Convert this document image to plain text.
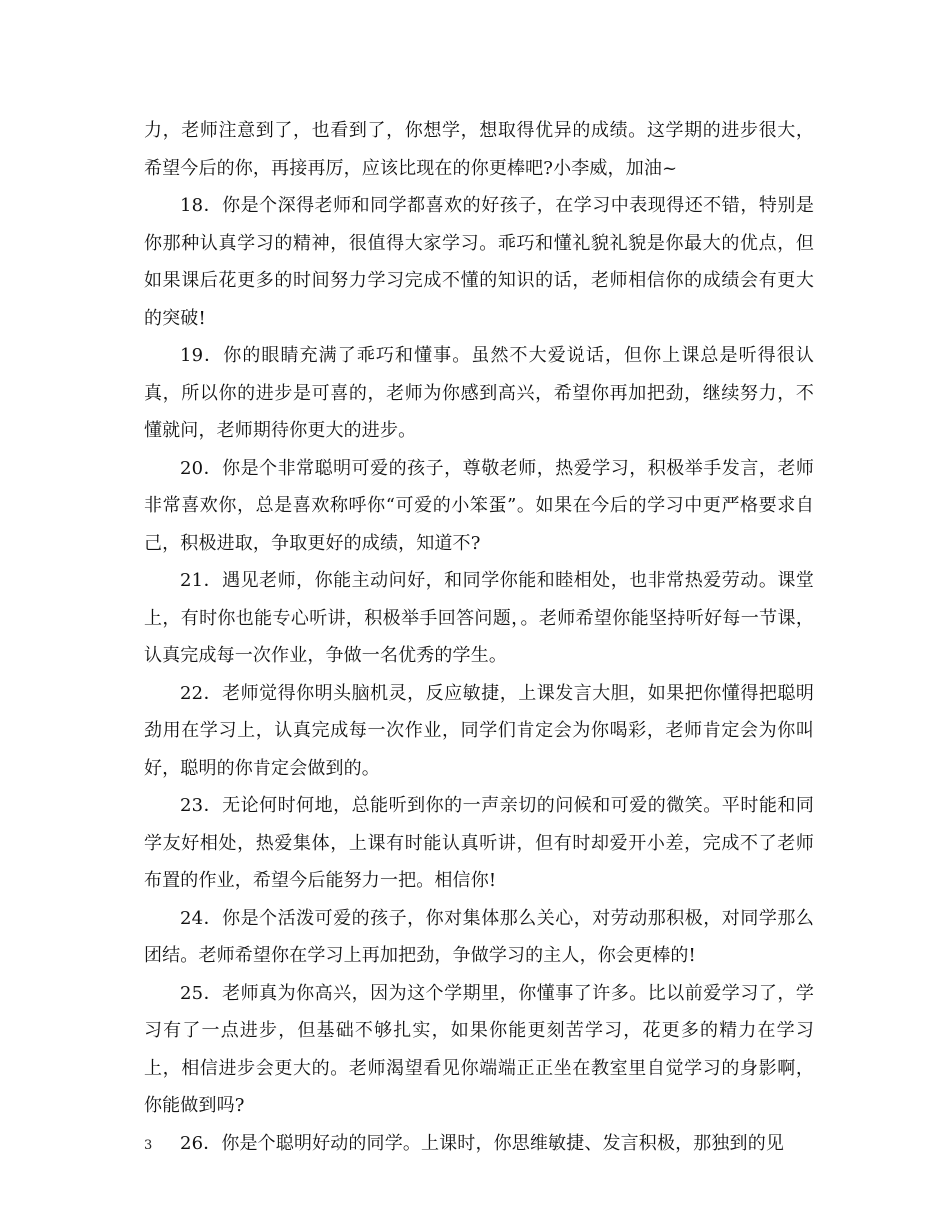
力，老师注意到了，也看到了，你想学，想取得优异的成绩。这学期的进步很大，希望今后的你，再接再厉，应该比现在的你更棒吧?小李威，加油~

18．你是个深得老师和同学都喜欢的好孩子，在学习中表现得还不错，特别是你那种认真学习的精神，很值得大家学习。乖巧和懂礼貌礼貌是你最大的优点，但如果课后花更多的时间努力学习完成不懂的知识的话，老师相信你的成绩会有更大的突破!

19．你的眼睛充满了乖巧和懂事。虽然不大爱说话，但你上课总是听得很认真，所以你的进步是可喜的，老师为你感到高兴，希望你再加把劲，继续努力，不懂就问，老师期待你更大的进步。

20．你是个非常聪明可爱的孩子，尊敬老师，热爱学习，积极举手发言，老师非常喜欢你，总是喜欢称呼你“可爱的小笨蛋”。如果在今后的学习中更严格要求自己，积极进取，争取更好的成绩，知道不?

21．遇见老师，你能主动问好，和同学你能和睦相处，也非常热爱劳动。课堂上，有时你也能专心听讲，积极举手回答问题，。老师希望你能坚持听好每一节课，认真完成每一次作业，争做一名优秀的学生。

22．老师觉得你明头脑机灵，反应敏捷，上课发言大胆，如果把你懂得把聪明劲用在学习上，认真完成每一次作业，同学们肯定会为你喝彩，老师肯定会为你叫好，聪明的你肯定会做到的。

23．无论何时何地，总能听到你的一声亲切的问候和可爱的微笑。平时能和同学友好相处，热爱集体，上课有时能认真听讲，但有时却爱开小差，完成不了老师布置的作业，希望今后能努力一把。相信你!

24．你是个活泼可爱的孩子，你对集体那么关心，对劳动那积极，对同学那么团结。老师希望你在学习上再加把劲，争做学习的主人，你会更棒的!

25．老师真为你高兴，因为这个学期里，你懂事了许多。比以前爱学习了，学习有了一点进步，但基础不够扎实，如果你能更刻苦学习，花更多的精力在学习上，相信进步会更大的。老师渴望看见你端端正正坐在教室里自觉学习的身影啊，你能做到吗?

26．你是个聪明好动的同学。上课时，你思维敏捷、发言积极，那独到的见

3
